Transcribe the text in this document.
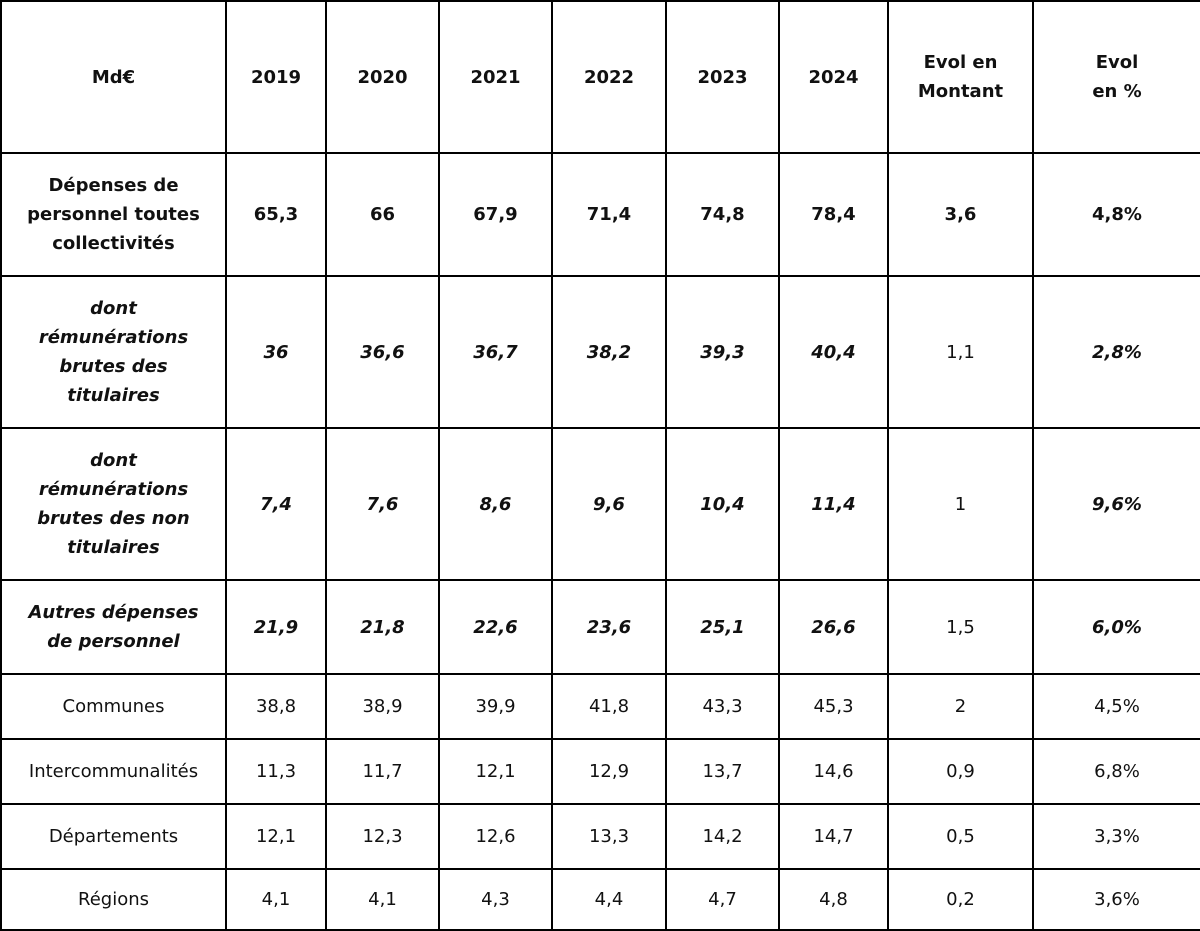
Md€	2019	2020	2021	2022	2023	2024	Evol en Montant	Evol en %
Dépenses de personnel toutes collectivités	65,3	66	67,9	71,4	74,8	78,4	3,6	4,8%
dont rémunérations brutes des titulaires	36	36,6	36,7	38,2	39,3	40,4	1,1	2,8%
dont rémunérations brutes des non titulaires	7,4	7,6	8,6	9,6	10,4	11,4	1	9,6%
Autres dépenses de personnel	21,9	21,8	22,6	23,6	25,1	26,6	1,5	6,0%
Communes	38,8	38,9	39,9	41,8	43,3	45,3	2	4,5%
Intercommunalités	11,3	11,7	12,1	12,9	13,7	14,6	0,9	6,8%
Départements	12,1	12,3	12,6	13,3	14,2	14,7	0,5	3,3%
Régions	4,1	4,1	4,3	4,4	4,7	4,8	0,2	3,6%
